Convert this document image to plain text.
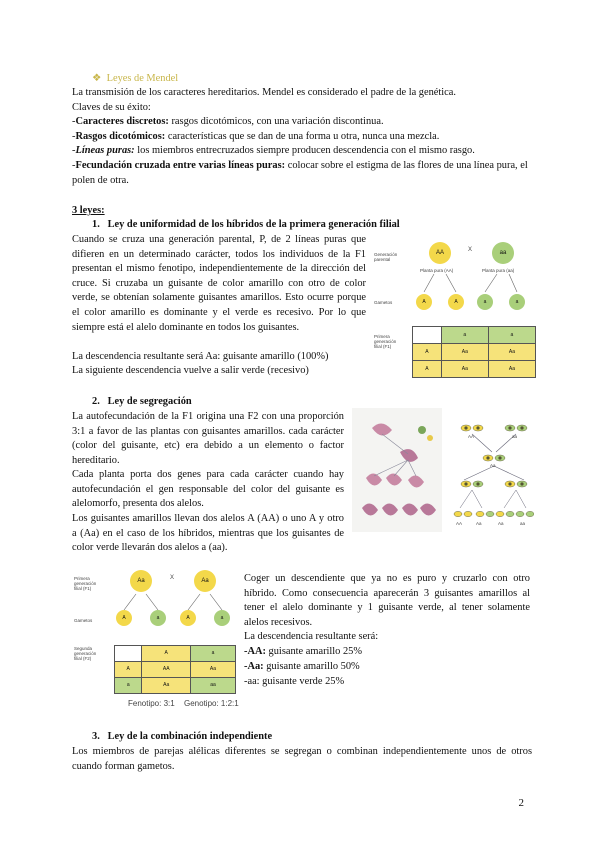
❖ Leyes de Mendel
La transmisión de los caracteres hereditarios. Mendel es considerado el padre de la genética.
Claves de su éxito:
-Caracteres discretos: rasgos dicotómicos, con una variación discontinua.
-Rasgos dicotómicos: características que se dan de una forma u otra, nunca una mezcla.
-Líneas puras: los miembros entrecruzados siempre producen descendencia con el mismo rasgo.
-Fecundación cruzada entre varias líneas puras: colocar sobre el estigma de las flores de una línea pura, el polen de otra.
3 leyes:
1. Ley de uniformidad de los híbridos de la primera generación filial
Cuando se cruza una generación parental, P, de 2 líneas puras que difieren en un determinado carácter, todos los individuos de la F1 presentan el mismo fenotipo, independientemente de la dirección del cruce. Si cruzaba un guisante de color amarillo con otro de color verde, se obtenían solamente guisantes amarillos. Esto ocurre porque el color amarillo es dominante y el verde es recesivo. Por lo que siempre está el alelo dominante en todos los guisantes.
La descendencia resultante será Aa: guisante amarillo (100%)
La siguiente descendencia vuelve a salir verde (recesivo)
Generación parental
AA	X	aa
Planta pura (AA)	Planta pura (aa)
Gametos	A	A	a	a
Primera generación filial (F1)
	a	a
A	Aa	Aa
A	Aa	Aa
2. Ley de segregación
La autofecundación de la F1 origina una F2 con una proporción 3:1 a favor de las plantas con guisantes amarillos. cada carácter (color del guisante, etc) era debido a un elemento o factor hereditario.
Cada planta porta dos genes para cada carácter cuando hay autofecundación el gen responsable del color del guisante es alelomorfo, presenta dos alelos.
Los guisantes amarillos llevan dos alelos A (AA) o uno A y otro a (Aa) en el caso de los híbridos, mientras que los guisantes de color verde llevarán dos alelos a (aa).
AA	aa
Aa
AA	Aa	Aa	aa
Primera generación filial (F1)
Aa	X	Aa
Gametos	A	a	A	a
Segunda generación filial (F2)
	A	a
A	AA	Aa
a	Aa	aa
Fenotipo: 3:1 Genotipo: 1:2:1
Coger un descendiente que ya no es puro y cruzarlo con otro híbrido. Como consecuencia aparecerán 3 guisantes amarillos al tener el alelo dominante y 1 guisante verde, al tener solamente alelos recesivos.
La descendencia resultante será:
-AA: guisante amarillo 25%
-Aa: guisante amarillo 50%
-aa: guisante verde 25%
3. Ley de la combinación independiente
Los miembros de parejas alélicas diferentes se segregan o combinan independientemente unos de otros cuando forman gametos.
2
